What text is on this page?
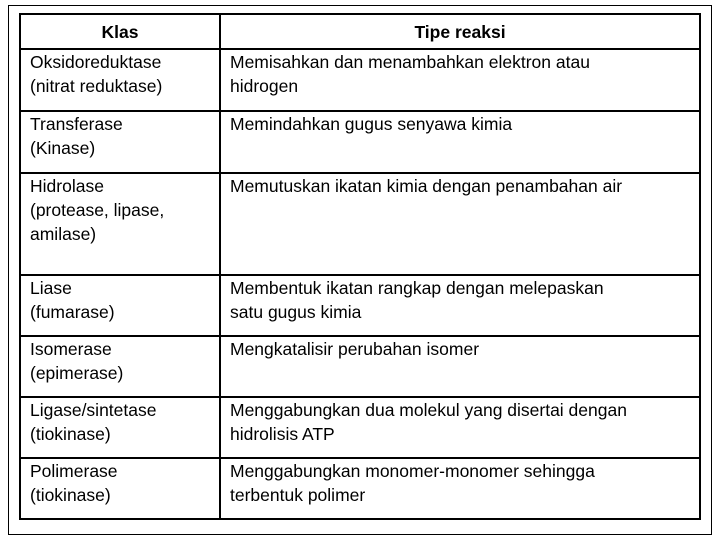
Klas	Tipe reaksi

Oksidoreduktase
(nitrat reduktase)	Memisahkan dan menambahkan elektron atau
hidrogen

Transferase
(Kinase)	Memindahkan gugus senyawa kimia

Hidrolase
(protease, lipase,
amilase)	Memutuskan ikatan kimia dengan penambahan air

Liase
(fumarase)	Membentuk ikatan rangkap dengan melepaskan
satu gugus kimia

Isomerase
(epimerase)	Mengkatalisir perubahan isomer

Ligase/sintetase
(tiokinase)	Menggabungkan dua molekul yang disertai dengan
hidrolisis ATP

Polimerase
(tiokinase)	Menggabungkan monomer-monomer sehingga
terbentuk polimer
